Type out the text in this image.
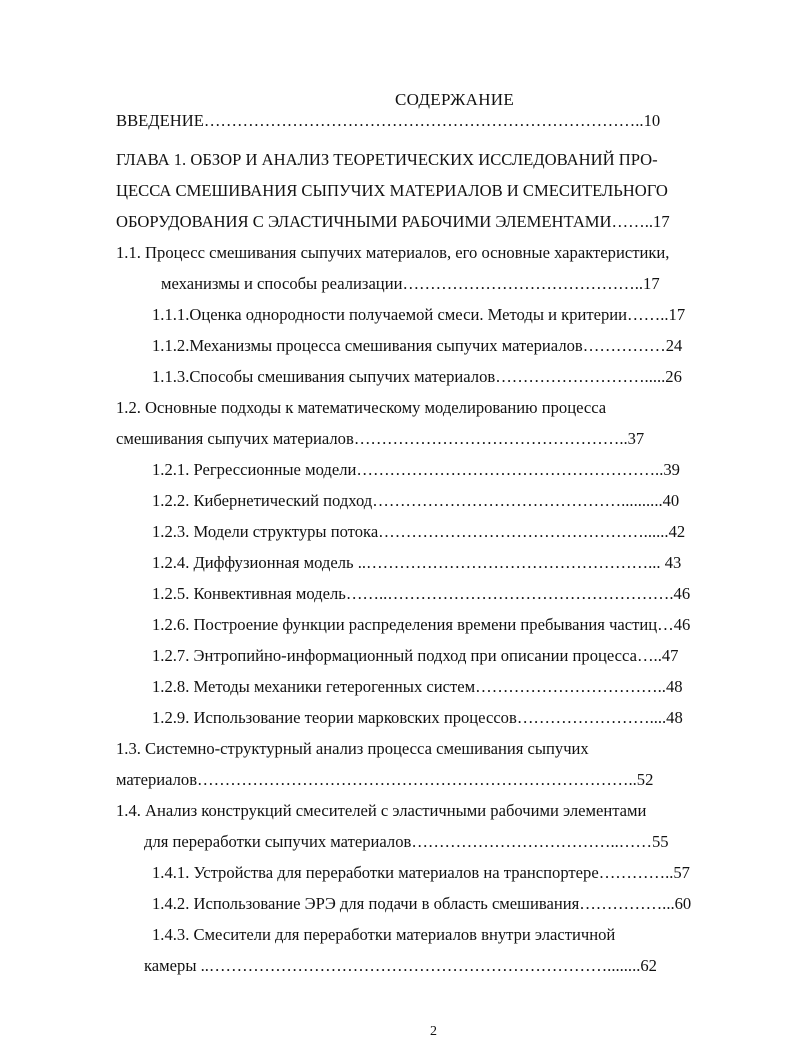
СОДЕРЖАНИЕ
ВВЕДЕНИЕ……………………………………………………………………..10
ГЛАВА 1. ОБЗОР И АНАЛИЗ ТЕОРЕТИЧЕСКИХ ИССЛЕДОВАНИЙ ПРО-
ЦЕССА СМЕШИВАНИЯ СЫПУЧИХ МАТЕРИАЛОВ И СМЕСИТЕЛЬНОГО
ОБОРУДОВАНИЯ С ЭЛАСТИЧНЫМИ РАБОЧИМИ ЭЛЕМЕНТАМИ……..17
1.1. Процесс смешивания сыпучих материалов, его основные характеристики,
механизмы и способы реализации……………………………………..17
1.1.1.Оценка однородности получаемой смеси. Методы и критерии……..17
1.1.2.Механизмы процесса смешивания сыпучих материалов……………24
1.1.3.Способы смешивания сыпучих материалов……………………….....26
1.2. Основные подходы к математическому моделированию процесса
смешивания сыпучих материалов…………………………………………..37
1.2.1. Регрессионные модели………………………………………………..39
1.2.2. Кибернетический подход………………………………………..........40
1.2.3. Модели структуры потока…………………………………………......42
1.2.4. Диффузионная модель ..……………………………………………... 43
1.2.5. Конвективная модель……..…………………………………………….46
1.2.6. Построение функции распределения времени пребывания частиц…46
1.2.7. Энтропийно-информационный подход при описании процесса…..47
1.2.8. Методы механики гетерогенных систем……………………………..48
1.2.9. Использование теории марковских процессов……………………....48
1.3. Системно-структурный анализ процесса смешивания сыпучих
материалов……………………………………………………………………..52
1.4. Анализ конструкций смесителей с эластичными рабочими элементами
для переработки сыпучих материалов………………………………..……55
1.4.1. Устройства для переработки материалов на транспортере…………..57
1.4.2. Использование ЭРЭ для подачи в область смешивания……………...60
1.4.3. Смесители для переработки материалов внутри эластичной
камеры ..………………………………………………………………........62
2
